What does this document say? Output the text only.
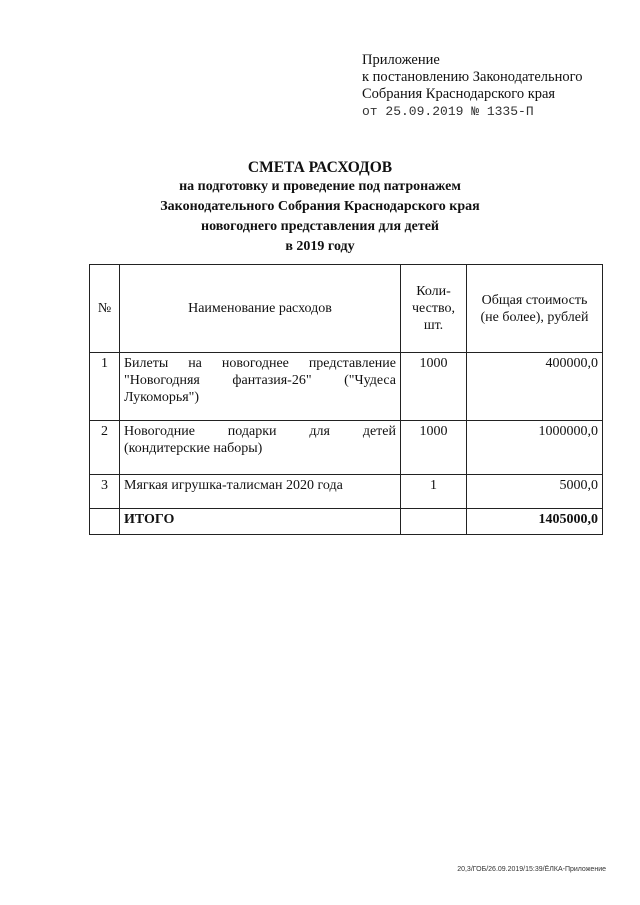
Приложение
к постановлению Законодательного
Собрания Краснодарского края
от 25.09.2019 № 1335-П
СМЕТА РАСХОДОВ
на подготовку и проведение под патронажем
Законодательного Собрания Краснодарского края
новогоднего представления для детей
в 2019 году
№	Наименование расходов	Коли-чество, шт.	Общая стоимость (не более), рублей
1	Билеты на новогоднее представление "Новогодняя фантазия-26" ("Чудеса Лукоморья")	1000	400000,0
2	Новогодние подарки для детей (кондитерские наборы)	1000	1000000,0
3	Мягкая игрушка-талисман 2020 года	1	5000,0
	ИТОГО		1405000,0
20,3/ГОБ/26.09.2019/15:39/ЁЛКА-Приложение
